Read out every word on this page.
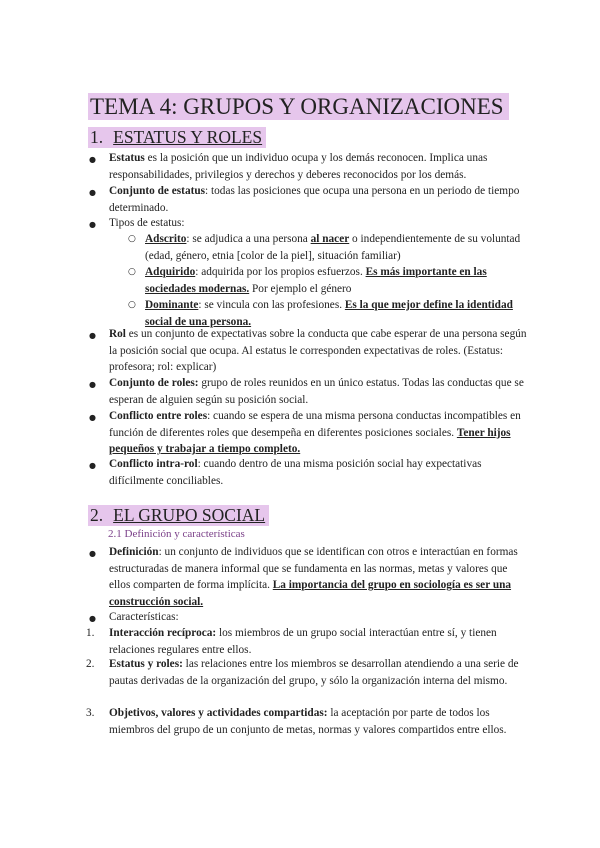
TEMA 4: GRUPOS Y ORGANIZACIONES
1. ESTATUS Y ROLES
● Estatus es la posición que un individuo ocupa y los demás reconocen. Implica unas responsabilidades, privilegios y derechos y deberes reconocidos por los demás.

● Conjunto de estatus: todas las posiciones que ocupa una persona en un periodo de tiempo determinado.

● Tipos de estatus:

○ Adscrito: se adjudica a una persona al nacer o independientemente de su voluntad (edad, género, etnia [color de la piel], situación familiar)

○ Adquirido: adquirida por los propios esfuerzos. Es más importante en las sociedades modernas. Por ejemplo el género

○ Dominante: se vincula con las profesiones. Es la que mejor define la identidad social de una persona.

● Rol es un conjunto de expectativas sobre la conducta que cabe esperar de una persona según la posición social que ocupa. Al estatus le corresponden expectativas de roles. (Estatus: profesora; rol: explicar)

● Conjunto de roles: grupo de roles reunidos en un único estatus. Todas las conductas que se esperan de alguien según su posición social.

● Conflicto entre roles: cuando se espera de una misma persona conductas incompatibles en función de diferentes roles que desempeña en diferentes posiciones sociales. Tener hijos pequeños y trabajar a tiempo completo.

● Conflicto intra-rol: cuando dentro de una misma posición social hay expectativas difícilmente conciliables.

2. EL GRUPO SOCIAL
2.1 Definición y características
● Definición: un conjunto de individuos que se identifican con otros e interactúan en formas estructuradas de manera informal que se fundamenta en las normas, metas y valores que ellos comparten de forma implícita. La importancia del grupo en sociología es ser una construcción social.

● Características:

1. Interacción recíproca: los miembros de un grupo social interactúan entre sí, y tienen relaciones regulares entre ellos.

2. Estatus y roles: las relaciones entre los miembros se desarrollan atendiendo a una serie de pautas derivadas de la organización del grupo, y sólo la organización interna del mismo.

3. Objetivos, valores y actividades compartidas: la aceptación por parte de todos los miembros del grupo de un conjunto de metas, normas y valores compartidos entre ellos.
